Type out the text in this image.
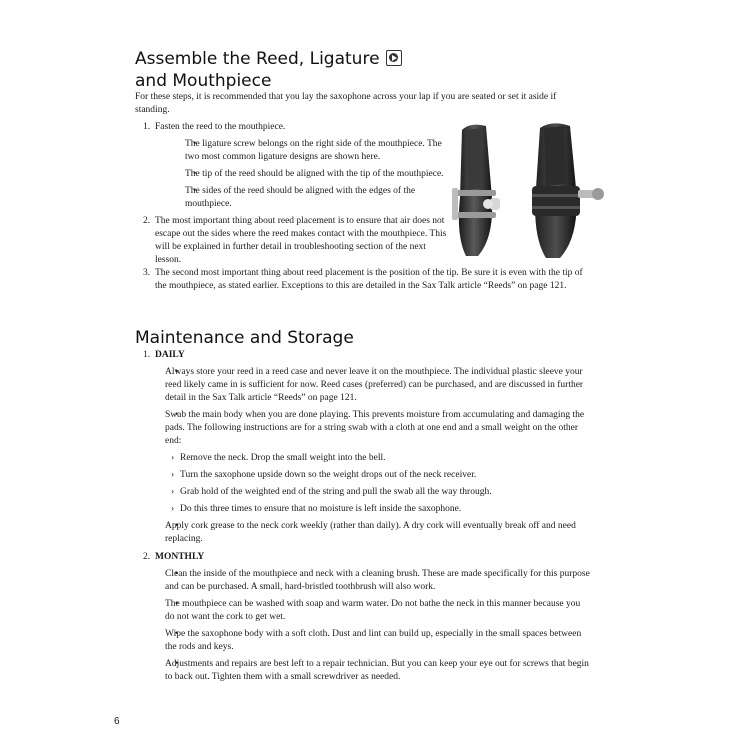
Assemble the Reed, Ligature
and Mouthpiece

For these steps, it is recommended that you lay the saxophone across your lap if you are seated or set it aside if standing.

1. Fasten the reed to the mouthpiece.
• The ligature screw belongs on the right side of the mouthpiece. The two most common ligature designs are shown here.
• The tip of the reed should be aligned with the tip of the mouthpiece.
• The sides of the reed should be aligned with the edges of the mouthpiece.
2. The most important thing about reed placement is to ensure that air does not escape out the sides where the reed makes contact with the mouthpiece. This will be explained in further detail in troubleshooting section of the next lesson.
3. The second most important thing about reed placement is the position of the tip. Be sure it is even with the tip of the mouthpiece, as stated earlier. Exceptions to this are detailed in the Sax Talk article “Reeds” on page 121.
Maintenance and Storage
1. DAILY
• Always store your reed in a reed case and never leave it on the mouthpiece. The individual plastic sleeve your reed likely came in is sufficient for now. Reed cases (preferred) can be purchased, and are discussed in further detail in the Sax Talk article “Reeds” on page 121.
• Swab the main body when you are done playing. This prevents moisture from accumulating and damaging the pads. The following instructions are for a string swab with a cloth at one end and a small weight on the other end:
› Remove the neck. Drop the small weight into the bell.
› Turn the saxophone upside down so the weight drops out of the neck receiver.
› Grab hold of the weighted end of the string and pull the swab all the way through.
› Do this three times to ensure that no moisture is left inside the saxophone.
• Apply cork grease to the neck cork weekly (rather than daily). A dry cork will eventually break off and need replacing.
2. MONTHLY
• Clean the inside of the mouthpiece and neck with a cleaning brush. These are made specifically for this purpose and can be purchased. A small, hard-bristled toothbrush will also work.
• The mouthpiece can be washed with soap and warm water. Do not bathe the neck in this manner because you do not want the cork to get wet.
• Wipe the saxophone body with a soft cloth. Dust and lint can build up, especially in the small spaces between the rods and keys.
• Adjustments and repairs are best left to a repair technician. But you can keep your eye out for screws that begin to back out. Tighten them with a small screwdriver as needed.
6
